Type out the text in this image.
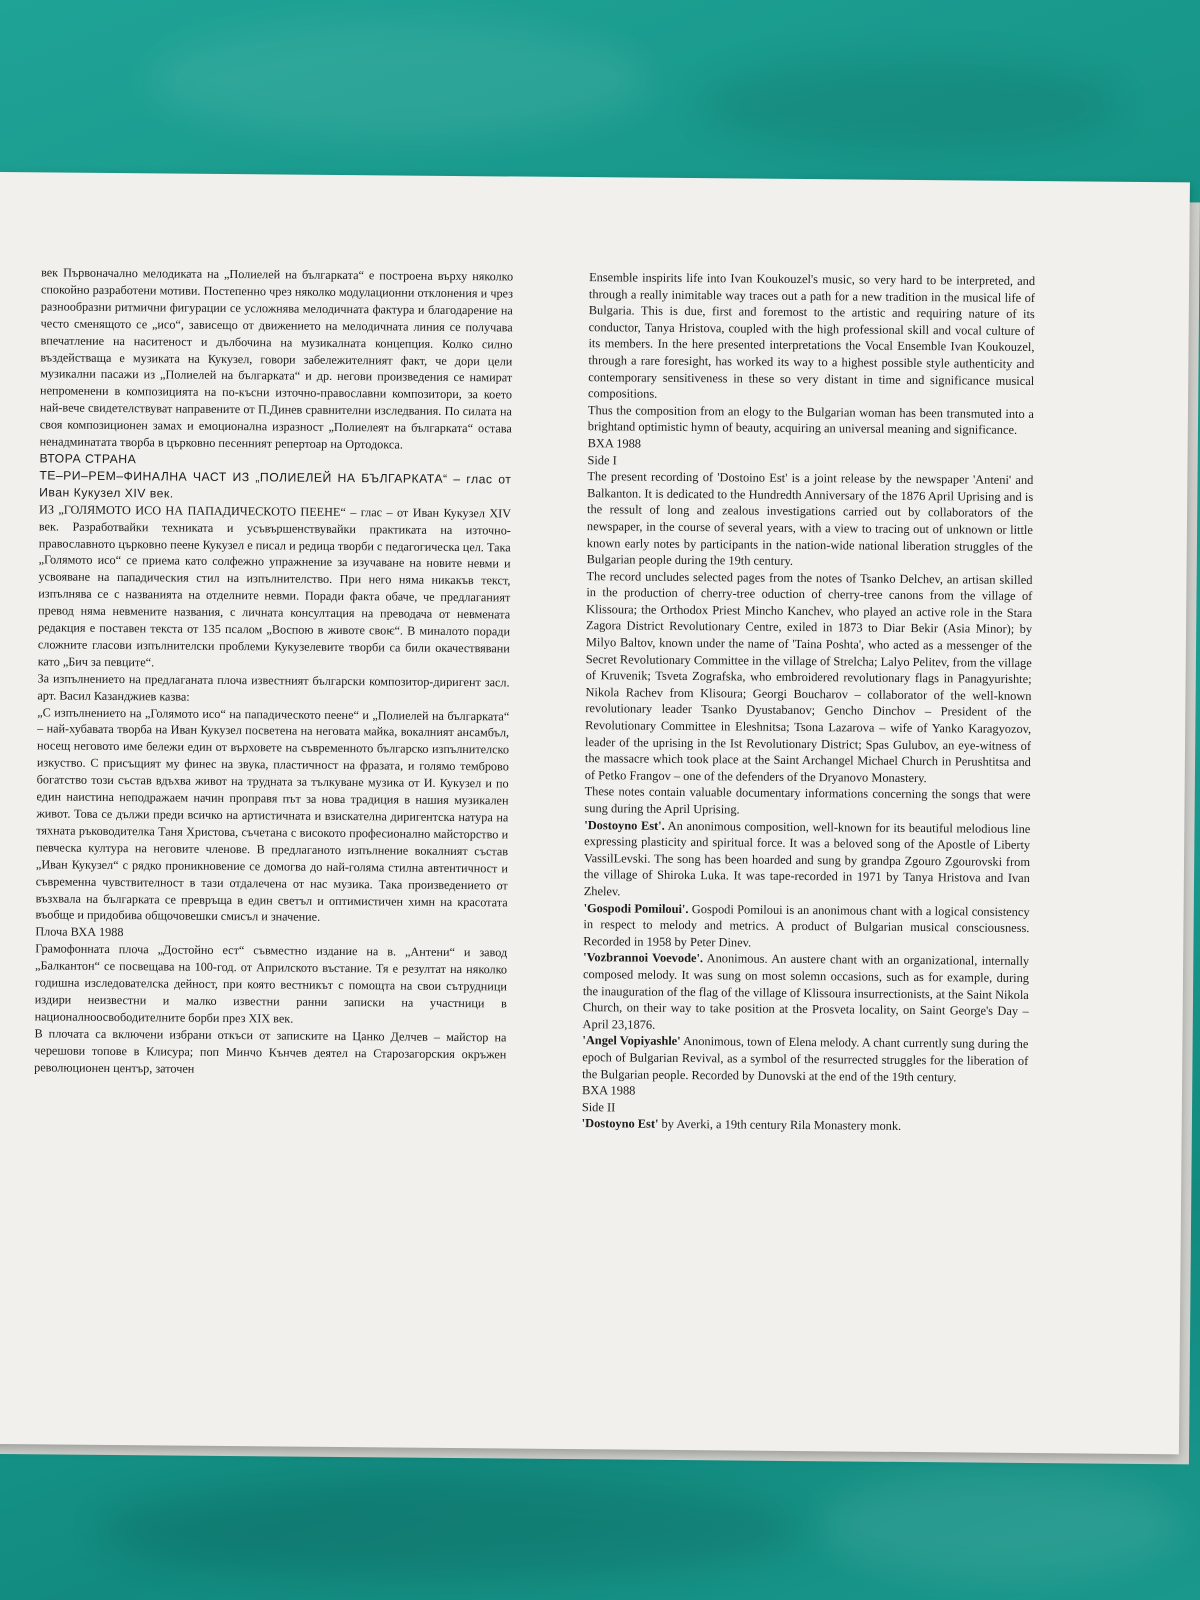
век Първоначално мелодиката на „Полиелей на българката“ е построена върху няколко спокойно разработени мотиви. Постепенно чрез няколко модулационни отклонения и чрез разнообразни ритмични фигурации се усложнява мелодичната фактура и благодарение на често сменящото се „исо“, зависещо от движението на мелодичната линия се получава впечатление на наситеност и дълбочина на музикалната концепция. Колко силно въздействаща е музиката на Кукузел, говори забележителният факт, че дори цели музикални пасажи из „Полиелей на българката“ и др. негови произведения се намират непроменени в композицията на по-късни източно-православни композитори, за което най-вече свидетелствуват направените от П.Динев сравнителни изследвания. По силата на своя композиционен замах и емоционална изразност „Полиелеят на българката“ остава ненадминатата творба в църковно песенният репертоар на Ортодокса.

ВТОРА СТРАНА

ТЕ–РИ–РЕМ–ФИНАЛНА ЧАСТ ИЗ „ПОЛИЕЛЕЙ НА БЪЛГАРКАТА“ – глас от Иван Кукузел XIV век.

ИЗ „ГОЛЯМОТО ИСО НА ПАПАДИЧЕСКОТО ПЕЕНЕ“ – глас – от Иван Кукузел XIV век. Разработвайки техниката и усъвършенствувайки практиката на източно-православното църковно пеене Кукузел е писал и редица творби с педагогическа цел. Така „Голямото исо“ се приема като солфежно упражнение за изучаване на новите невми и усвояване на пападическия стил на изпълнителство. При него няма никакъв текст, изпълнява се с названията на отделните невми. Поради факта обаче, че предлаганият превод няма невмените названия, с личната консултация на преводача от невмената редакция е поставен текста от 135 псалом „Воспою в животе своѥ“. В миналото поради сложните гласови изпълнителски проблеми Кукузелевите творби са били окачествявани като „Бич за певците“.

За изпълнението на предлаганата плоча известният български композитор-диригент засл. арт. Васил Казанджиев казва:

„С изпълнението на „Голямото исо“ на пападическото пеене“ и „Полиелей на българката“ – най-хубавата творба на Иван Кукузел посветена на неговата майка, вокалният ансамбъл, носещ неговото име бележи един от върховете на съвременното българско изпълнителско изкуство. С присъщият му финес на звука, пластичност на фразата, и голямо темброво богатство този състав вдъхва живот на трудната за тълкуване музика от И. Кукузел и по един наистина неподражаем начин проправя път за нова традиция в нашия музикален живот. Това се дължи преди всичко на артистичната и взискателна диригентска натура на тяхната ръководителка Таня Христова, съчетана с високото професионално майсторство и певческа култура на неговите членове. В предлаганото изпълнение вокалният състав „Иван Кукузел“ с рядко проникновение се домогва до най-голяма стилна автентичност и съвременна чувствителност в тази отдалечена от нас музика. Така произведението от възхвала на българката се превръща в един светъл и оптимистичен химн на красотата въобще и придобива общочовешки смисъл и значение.

Плоча ВХА 1988

Грамофонната плоча „Достойно ест“ съвместно издание на в. „Антени“ и завод „Балкантон“ се посвещава на 100-год. от Априлското въстание. Тя е резултат на няколко годишна изследователска дейност, при която вестникът с помощта на свои сътрудници издири неизвестни и малко известни ранни записки на участници в националноосвободителните борби през XIX век.

В плочата са включени избрани откъси от записките на Цанко Делчев – майстор на черешови топове в Клисура; поп Минчо Кънчев деятел на Старозагорския окръжен революционен център, заточен

Ensemble inspirits life into Ivan Koukouzel's music, so very hard to be interpreted, and through a really inimitable way traces out a path for a new tradition in the musical life of Bulgaria. This is due, first and foremost to the artistic and requiring nature of its conductor, Tanya Hristova, coupled with the high professional skill and vocal culture of its members. In the here presented interpretations the Vocal Ensemble Ivan Koukouzel, through a rare foresight, has worked its way to a highest possible style authenticity and contemporary sensitiveness in these so very distant in time and significance musical compositions.

Thus the composition from an elogy to the Bulgarian woman has been transmuted into a brightand optimistic hymn of beauty, acquiring an universal meaning and significance.

BXA 1988

Side I

The present recording of 'Dostoino Est' is a joint release by the newspaper 'Anteni' and Balkanton. It is dedicated to the Hundredth Anniversary of the 1876 April Uprising and is the ressult of long and zealous investigations carried out by collaborators of the newspaper, in the course of several years, with a view to tracing out of unknown or little known early notes by participants in the nation-wide national liberation struggles of the Bulgarian people during the 19th century.

The record uncludes selected pages from the notes of Tsanko Delchev, an artisan skilled in the production of cherry-tree oduction of cherry-tree canons from the village of Klissoura; the Orthodox Priest Mincho Kanchev, who played an active role in the Stara Zagora District Revolutionary Centre, exiled in 1873 to Diar Bekir (Asia Minor); by Milyo Baltov, known under the name of 'Taina Poshta', who acted as a messenger of the Secret Revolutionary Committee in the village of Strelcha; Lalyo Pelitev, from the village of Kruvenik; Tsveta Zografska, who embroidered revolutionary flags in Panagyurishte; Nikola Rachev from Klisoura; Georgi Boucharov – collaborator of the well-known revolutionary leader Tsanko Dyustabanov; Gencho Dinchov – President of the Revolutionary Committee in Eleshnitsa; Tsona Lazarova – wife of Yanko Karagyozov, leader of the uprising in the Ist Revolutionary District; Spas Gulubov, an eye-witness of the massacre which took place at the Saint Archangel Michael Church in Perushtitsa and of Petko Frangov – one of the defenders of the Dryanovo Monastery.

These notes contain valuable documentary informations concerning the songs that were sung during the April Uprising.

'Dostoyno Est'. An anonimous composition, well-known for its beautiful melodious line expressing plasticity and spiritual force. It was a beloved song of the Apostle of Liberty VassilLevski. The song has been hoarded and sung by grandpa Zgouro Zgourovski from the village of Shiroka Luka. It was tape-recorded in 1971 by Tanya Hristova and Ivan Zhelev.

'Gospodi Pomiloui'. Gospodi Pomiloui is an anonimous chant with a logical consistency in respect to melody and metrics. A product of Bulgarian musical consciousness. Recorded in 1958 by Peter Dinev.

'Vozbrannoi Voevode'. Anonimous. An austere chant with an organizational, internally composed melody. It was sung on most solemn occasions, such as for example, during the inauguration of the flag of the village of Klissoura insurrectionists, at the Saint Nikola Church, on their way to take position at the Prosveta locality, on Saint George's Day – April 23,1876.

'Angel Vopiyashle' Anonimous, town of Elena melody. A chant currently sung during the epoch of Bulgarian Revival, as a symbol of the resurrected struggles for the liberation of the Bulgarian people. Recorded by Dunovski at the end of the 19th century.

BXA 1988

Side II

'Dostoyno Est' by Averki, a 19th century Rila Monastery monk.
